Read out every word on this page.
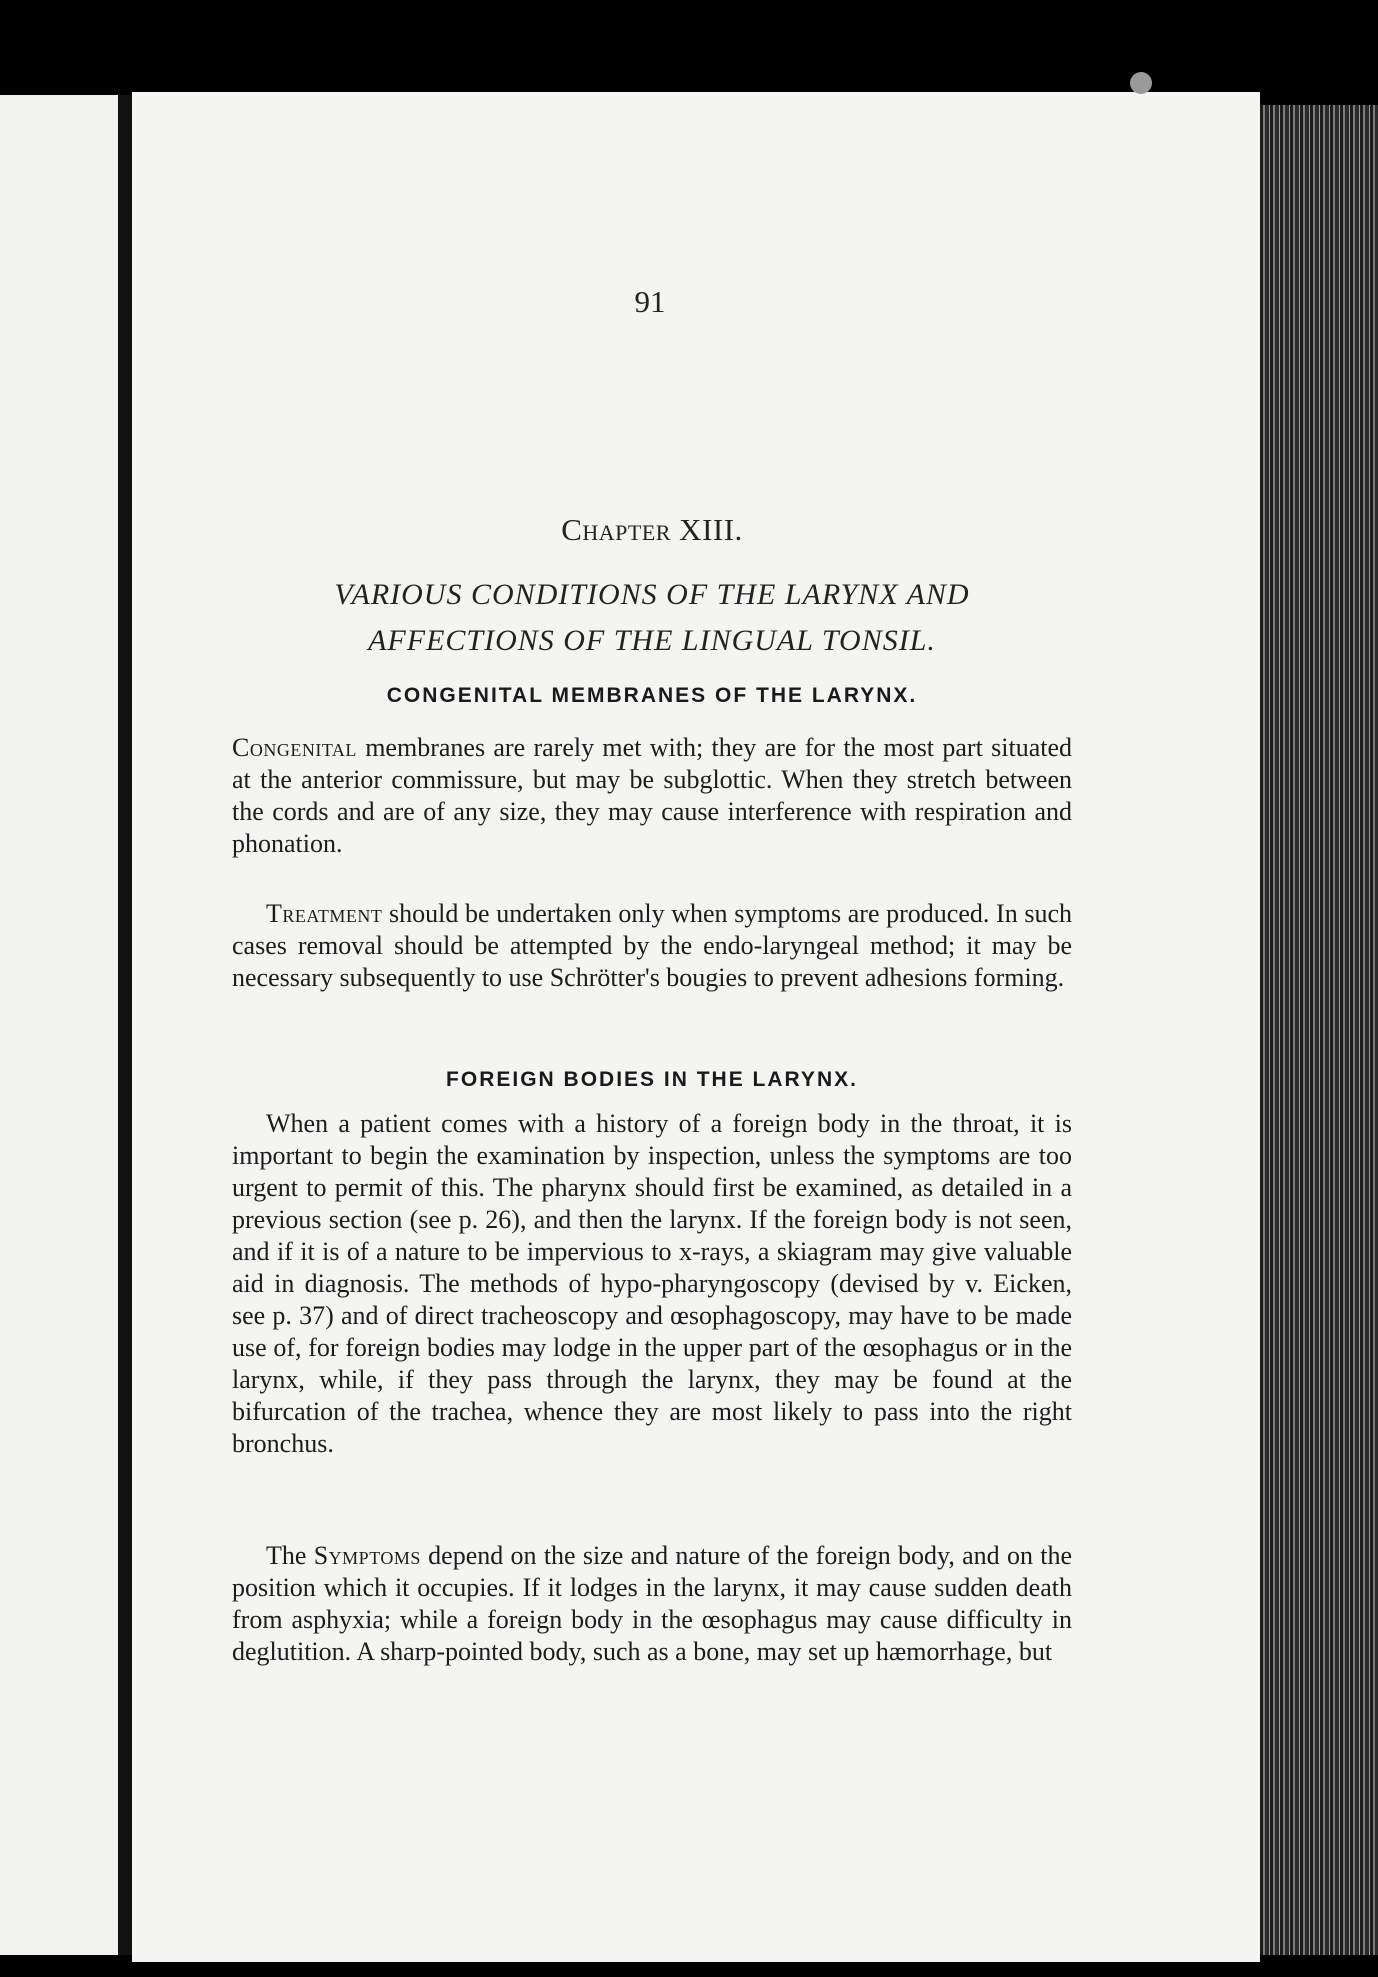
91
Chapter XIII.
VARIOUS CONDITIONS OF THE LARYNX AND
AFFECTIONS OF THE LINGUAL TONSIL.
CONGENITAL MEMBRANES OF THE LARYNX.

Congenital membranes are rarely met with; they are for the most part situated at the anterior commissure, but may be subglottic. When they stretch between the cords and are of any size, they may cause interference with respiration and phonation.

Treatment should be undertaken only when symptoms are produced. In such cases removal should be attempted by the endo-laryngeal method; it may be necessary subsequently to use Schrötter's bougies to prevent adhesions forming.

FOREIGN BODIES IN THE LARYNX.

When a patient comes with a history of a foreign body in the throat, it is important to begin the examination by inspection, unless the symptoms are too urgent to permit of this. The pharynx should first be examined, as detailed in a previous section (see p. 26), and then the larynx. If the foreign body is not seen, and if it is of a nature to be impervious to x-rays, a skiagram may give valuable aid in diagnosis. The methods of hypo-pharyngoscopy (devised by v. Eicken, see p. 37) and of direct tracheoscopy and œsophagoscopy, may have to be made use of, for foreign bodies may lodge in the upper part of the œsophagus or in the larynx, while, if they pass through the larynx, they may be found at the bifurcation of the trachea, whence they are most likely to pass into the right bronchus.

The Symptoms depend on the size and nature of the foreign body, and on the position which it occupies. If it lodges in the larynx, it may cause sudden death from asphyxia; while a foreign body in the œsophagus may cause difficulty in deglutition. A sharp-pointed body, such as a bone, may set up hæmorrhage, but
